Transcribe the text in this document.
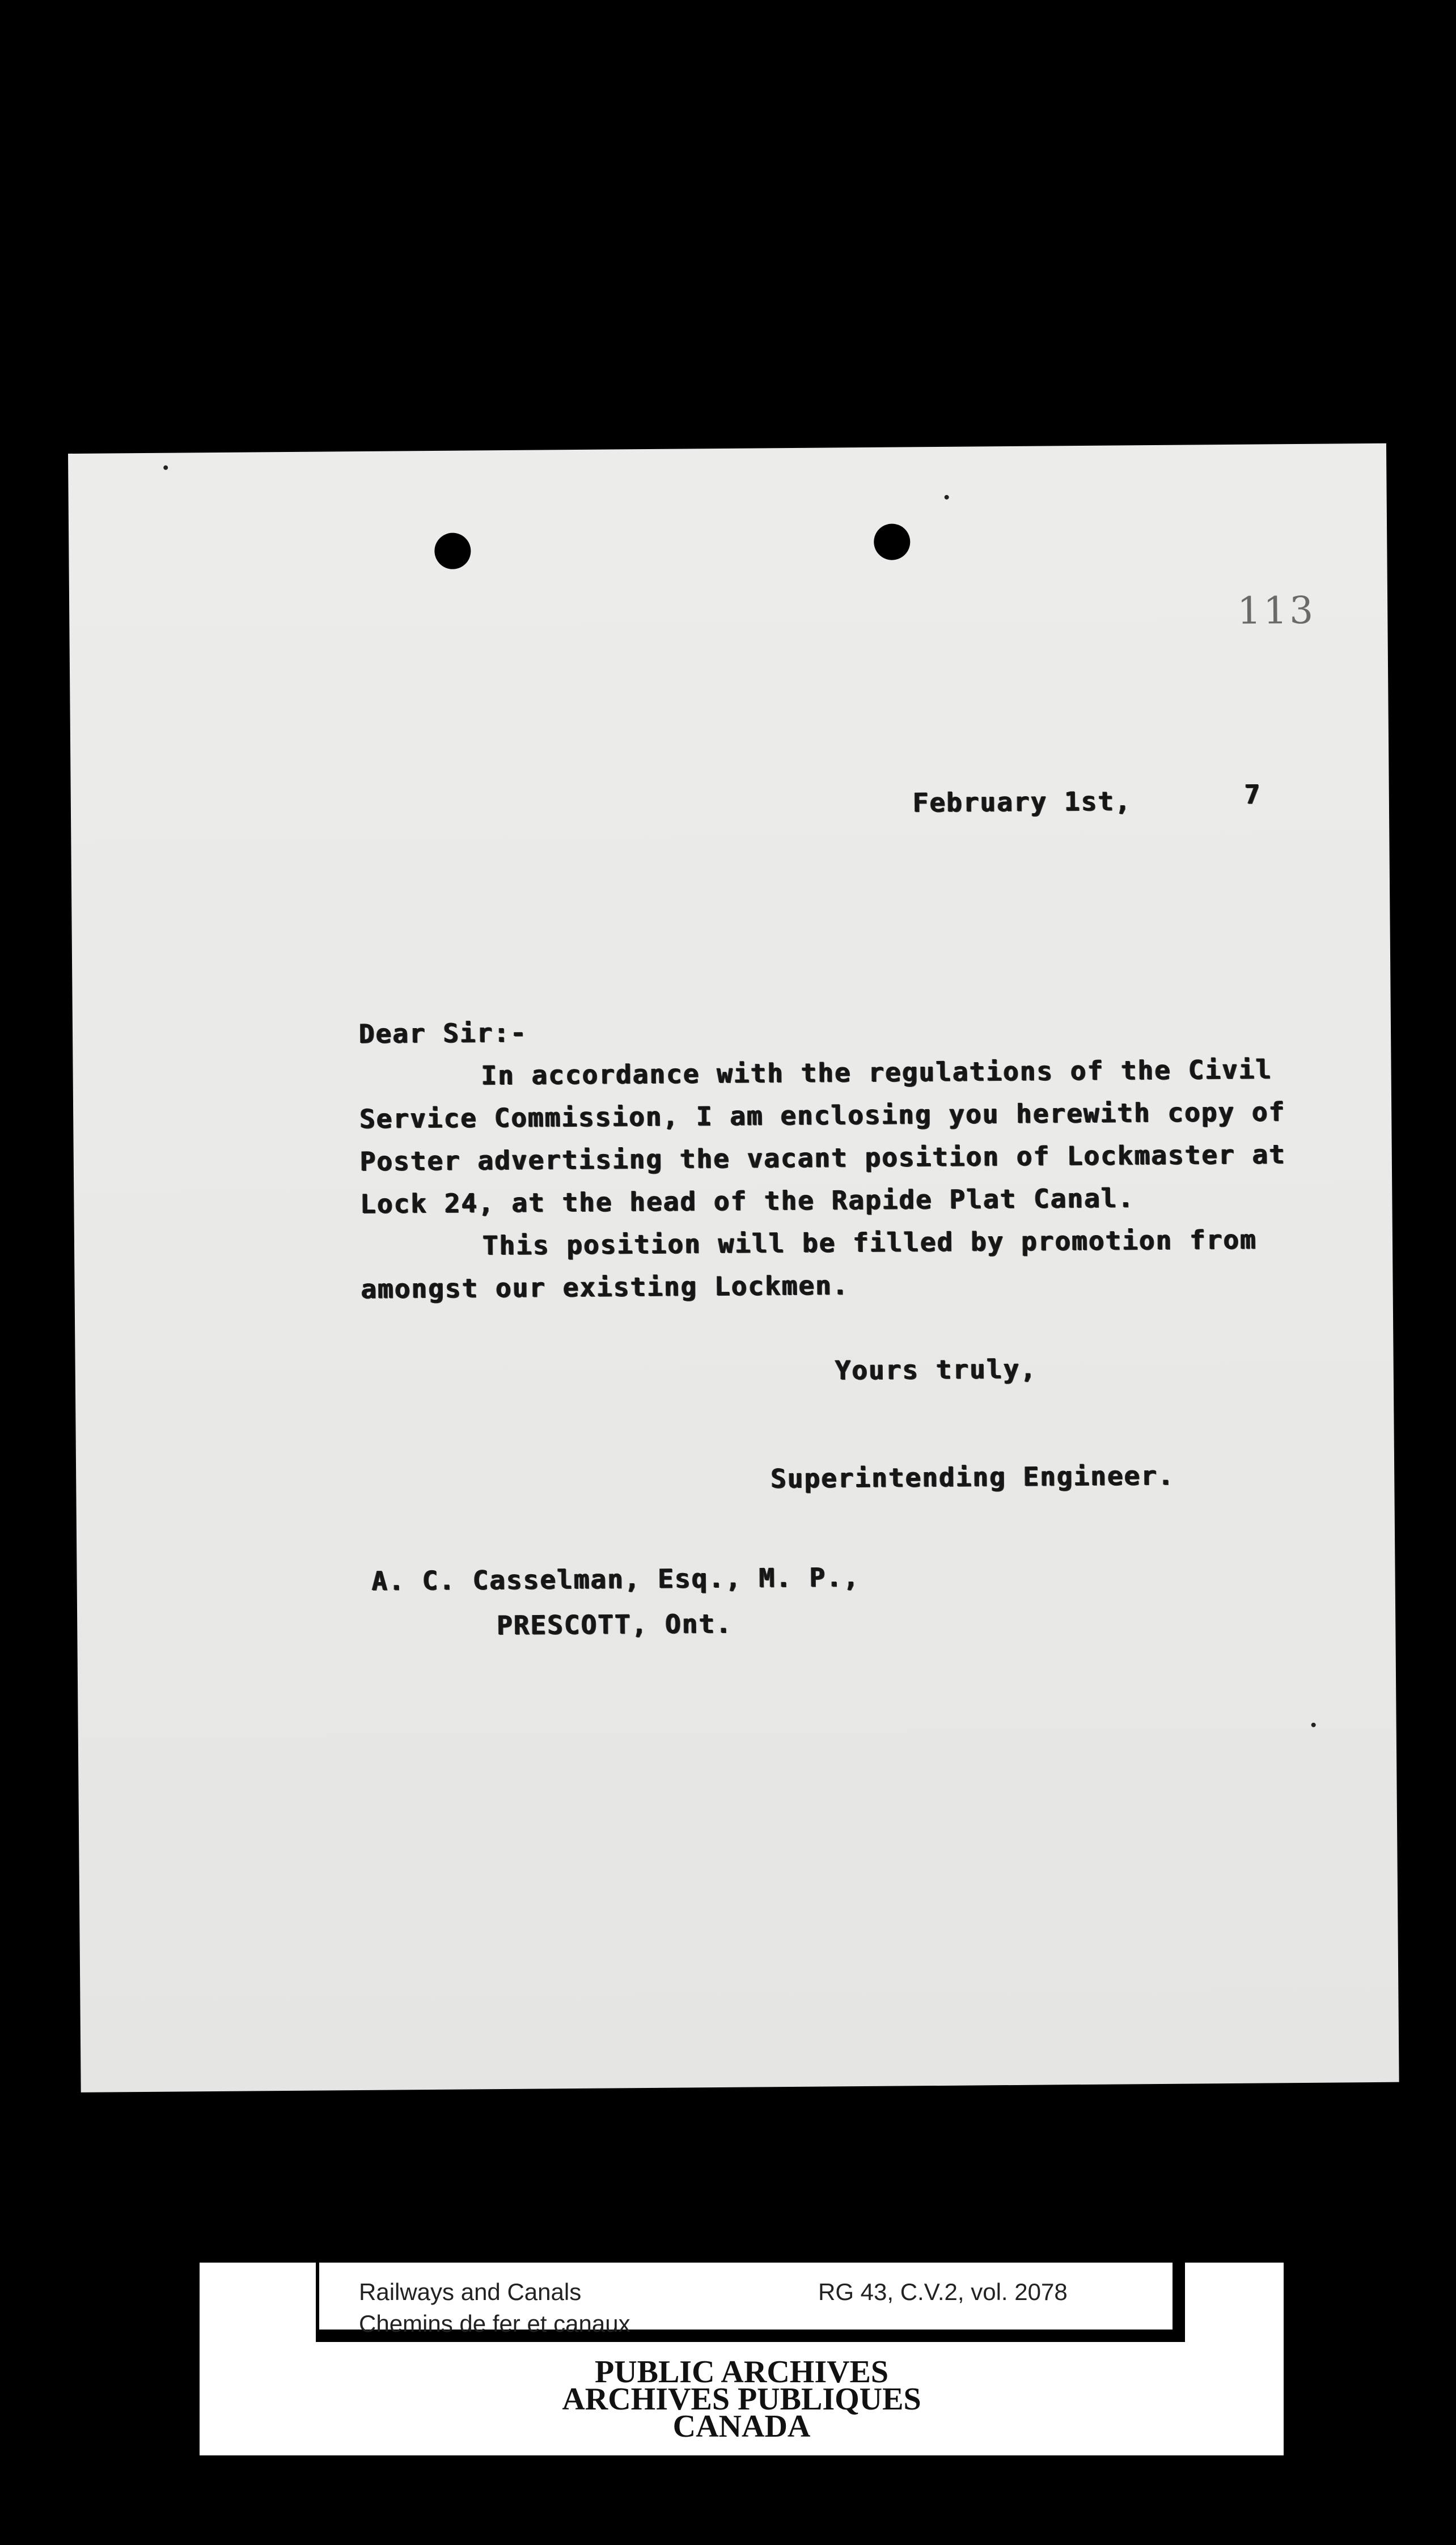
113
February 1st,	7
Dear Sir:-
In accordance with the regulations of the Civil
Service Commission, I am enclosing you herewith copy of
Poster advertising the vacant position of Lockmaster at
Lock 24, at the head of the Rapide Plat Canal.
This position will be filled by promotion from
amongst our existing Lockmen.
Yours truly,
Superintending Engineer.
A. C. Casselman, Esq., M. P.,
PRESCOTT, Ont.
Railways and Canals
Chemins de fer et canaux
RG 43, C.V.2, vol. 2078
PUBLIC ARCHIVES
ARCHIVES PUBLIQUES
CANADA
